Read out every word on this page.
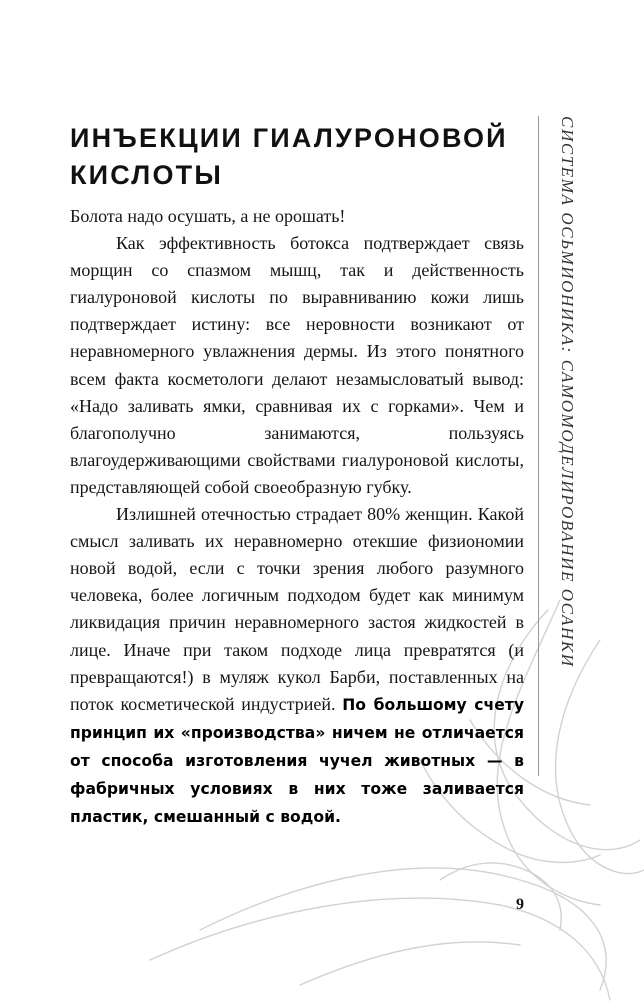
СИСТЕМА ОСЬМИОНИКА: САМОМОДЕЛИРОВАНИЕ ОСАНКИ
ИНЪЕКЦИИ ГИАЛУРОНОВОЙ КИСЛОТЫ

Болота надо осушать, а не орошать!

Как эффективность ботокса подтверждает связь морщин со спазмом мышц, так и действенность гиалуроновой кислоты по выравниванию кожи лишь подтверждает истину: все неровности возникают от неравномерного увлажнения дермы. Из этого понятного всем факта косметологи делают незамысловатый вывод: «Надо заливать ямки, сравнивая их с горками». Чем и благополучно занимаются, пользуясь влагоудерживающими свойствами гиалуроновой кислоты, представляющей собой своеобразную губку.

Излишней отечностью страдает 80% женщин. Какой смысл заливать их неравномерно отекшие физиономии новой водой, если с точки зрения любого разумного человека, более логичным подходом будет как минимум ликвидация причин неравномерного застоя жидкостей в лице. Иначе при таком подходе лица превратятся (и превращаются!) в муляж кукол Барби, поставленных на поток косметической индустрией. По большому счету принцип их «производства» ничем не отличается от способа изготовления чучел животных — в фабричных условиях в них тоже заливается пластик, смешанный с водой.

9
